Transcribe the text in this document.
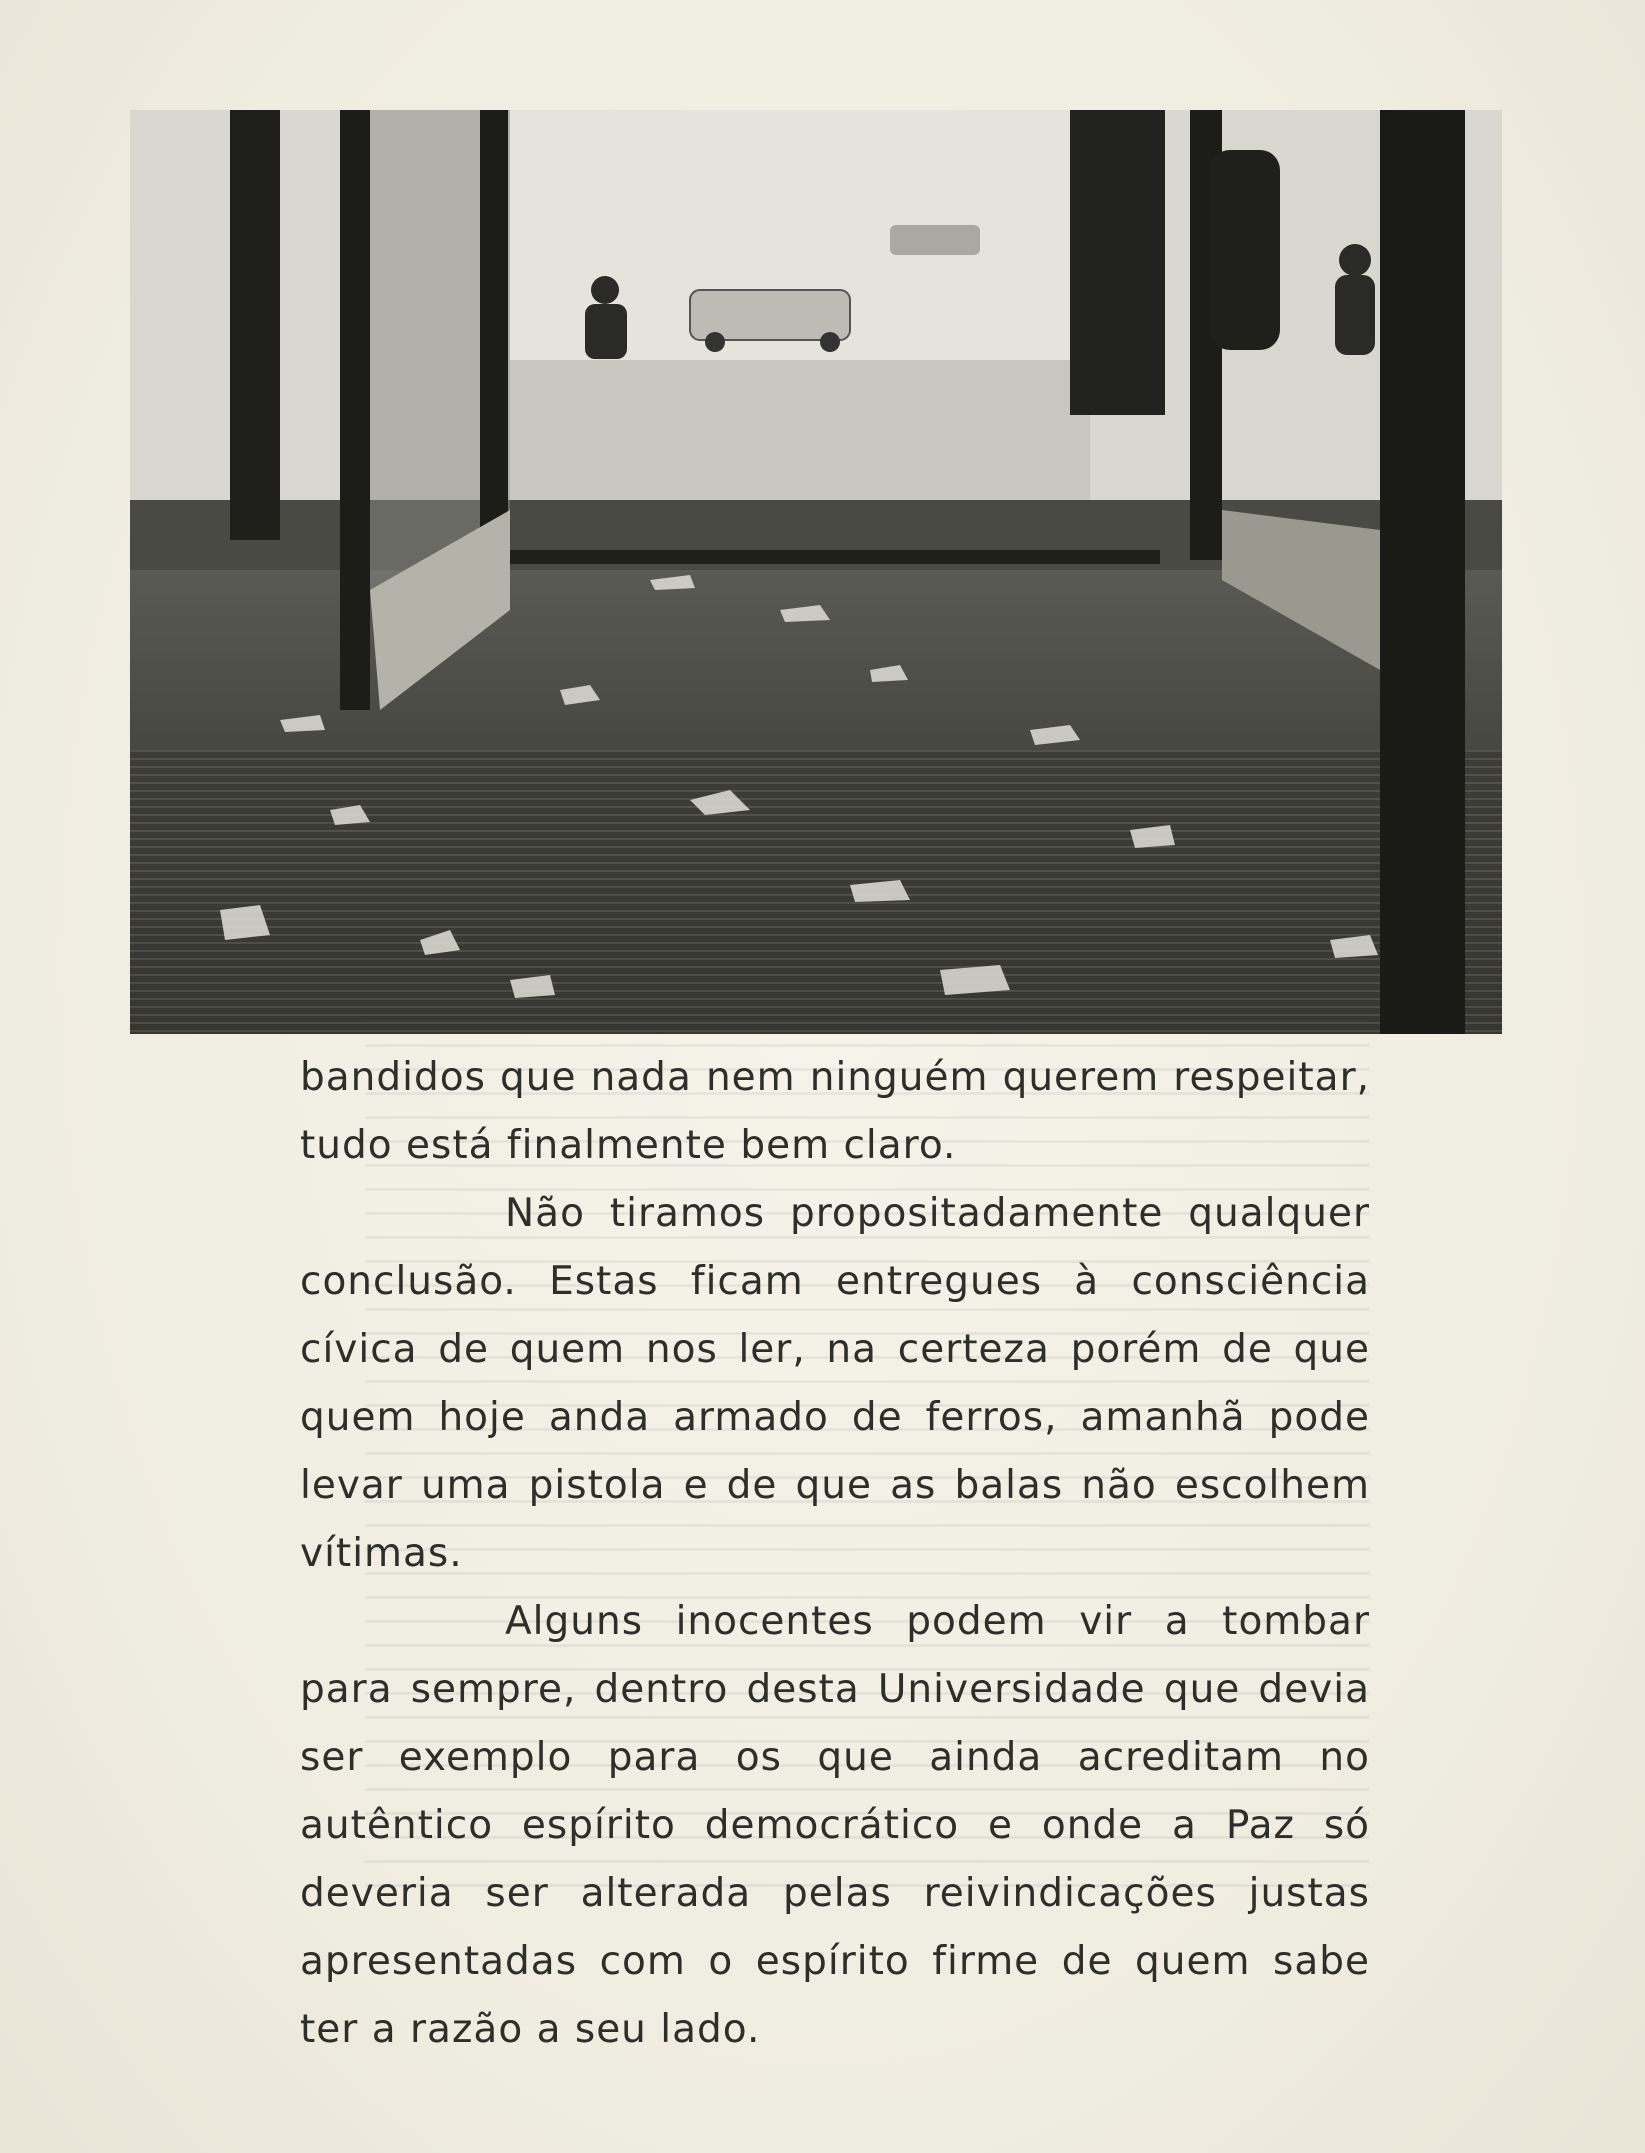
bandidos que nada nem ninguém querem respeitar, tudo está finalmente bem claro.

Não tiramos propositadamente qualquer conclusão. Estas ficam entregues à consciência cívica de quem nos ler, na certeza porém de que quem hoje anda armado de ferros, amanhã pode levar uma pistola e de que as balas não escolhem vítimas.

Alguns inocentes podem vir a tombar para sempre, dentro desta Universidade que devia ser exemplo para os que ainda acreditam no autêntico espírito democrático e onde a Paz só deveria ser alterada pelas reivindicações justas apresentadas com o espírito firme de quem sabe ter a razão a seu lado.
